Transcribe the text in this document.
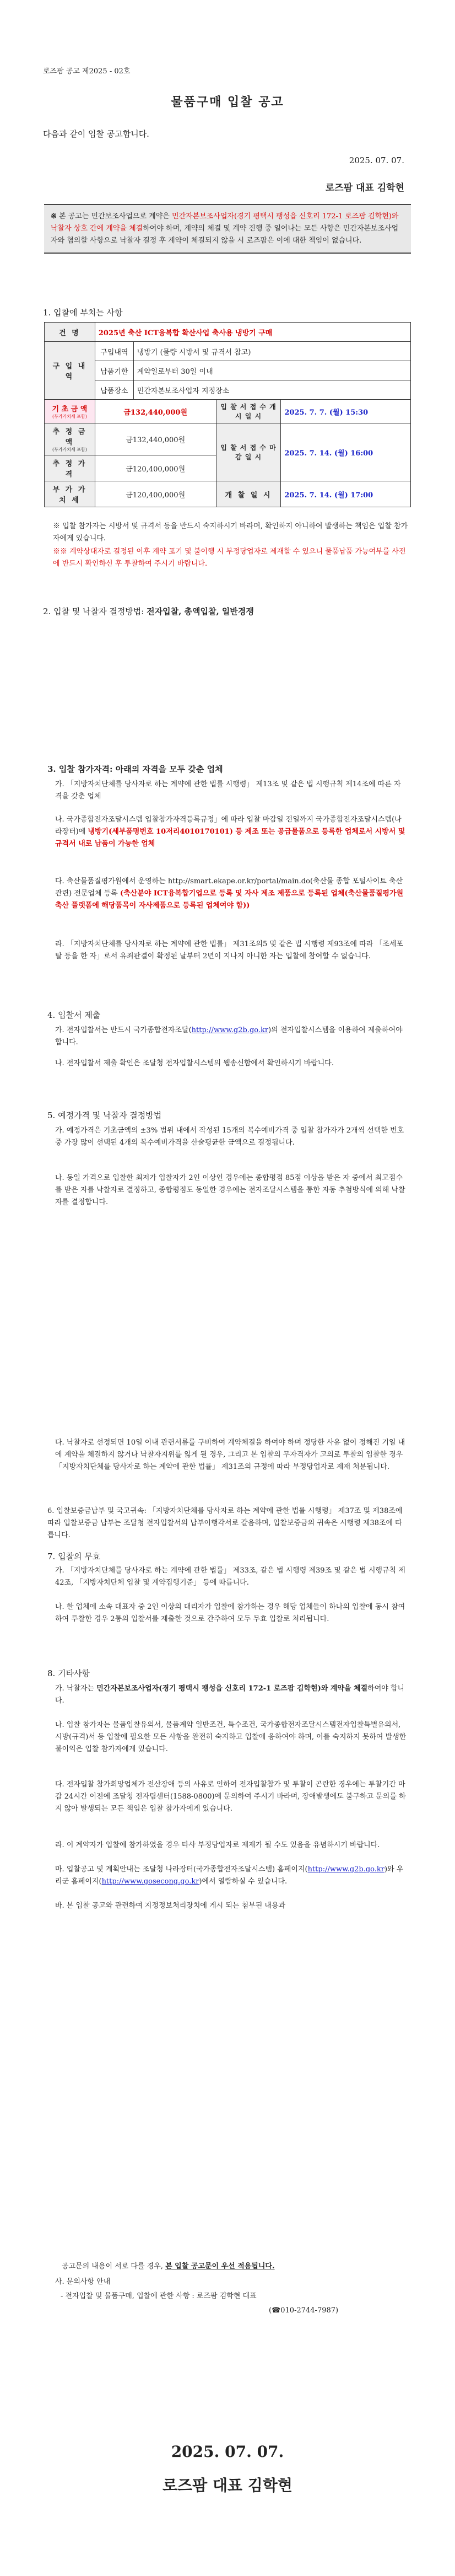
로즈팜 공고 제2025 - 02호
물품구매 입찰 공고
다음과 같이 입찰 공고합니다.
2025. 07. 07.
로즈팜 대표 김학현
※ 본 공고는 민간보조사업으로 계약은 민간자본보조사업자(경기 평택시 팽성읍 신호리 172-1 로즈팜 김학현)와 낙찰자 상호 간에 계약을 체결하여야 하며, 계약의 체결 및 계약 진행 중 일어나는 모든 사항은 민간자본보조사업자와 협의할 사항으로 낙찰자 결정 후 계약이 체결되지 않을 시 로즈팜은 이에 대한 책임이 없습니다.
1. 입찰에 부치는 사항
건 명	2025년 축산 ICT융복합 확산사업 축사용 냉방기 구매			
구 입 내 역	구입내역	냉방기 (물량 시방서 및 규격서 참고)		
	납품기한	계약일로부터 30일 이내		
	납품장소	민간자본보조사업자 지정장소		

기 초 금 액
(부가가치세 포함)	금132,440,000원		입 찰 서 접 수 개 시 일 시	2025. 7. 7. (월) 15:30

추 정 금 액
(부가가치세 포함)	금132,440,000원		입 찰 서 접 수 마 감 일 시	2025. 7. 14. (월) 16:00
추 정 가 격	금120,400,000원			
부 가 가 치 세	금120,400,000원		개 찰 일 시	2025. 7. 14. (월) 17:00
※ 입찰 참가자는 시방서 및 규격서 등을 반드시 숙지하시기 바라며, 확인하지 아니하여 발생하는 책임은 입찰 참가자에게 있습니다.
※※ 계약상대자로 결정된 이후 계약 포기 및 불이행 시 부정당업자로 제재할 수 있으니 물품납품 가능여부를 사전에 반드시 확인하신 후 투찰하여 주시기 바랍니다.
2. 입찰 및 낙찰자 결정방법: 전자입찰, 총액입찰, 일반경쟁
3. 입찰 참가자격: 아래의 자격을 모두 갖춘 업체
가. 「지방자치단체를 당사자로 하는 계약에 관한 법률 시행령」 제13조 및 같은 법 시행규칙 제14조에 따른 자격을 갖춘 업체
나. 국가종합전자조달시스템 입찰참가자격등록규정」에 따라 입찰 마감일 전일까지 국가종합전자조달시스템(나라장터)에 냉방기(세부품명번호 10저리4010170101) 등 제조 또는 공급물품으로 등록한 업체로서 시방서 및 규격서 내로 납품이 가능한 업체
다. 축산물품질평가원에서 운영하는 http://smart.ekape.or.kr/portal/main.do(축산물 종합 포털사이트 축산 관련) 전문업체 등록 (축산분야 ICT융복합기업으로 등록 및 자사 제조 제품으로 등록된 업체(축산물품질평가원 축산 플랫폼에 해당품목이 자사제품으로 등록된 업체여야 함))
라. 「지방자치단체를 당사자로 하는 계약에 관한 법률」 제31조의5 및 같은 법 시행령 제93조에 따라 「조세포탈 등을 한 자」로서 유죄판결이 확정된 날부터 2년이 지나지 아니한 자는 입찰에 참여할 수 없습니다.
4. 입찰서 제출
가. 전자입찰서는 반드시 국가종합전자조달(http://www.g2b.go.kr)의 전자입찰시스템을 이용하여 제출하여야 합니다.
나. 전자입찰서 제출 확인은 조달청 전자입찰시스템의 웹송신함에서 확인하시기 바랍니다.
5. 예정가격 및 낙찰자 결정방법
가. 예정가격은 기초금액의 ±3% 범위 내에서 작성된 15개의 복수예비가격 중 입찰 참가자가 2개씩 선택한 번호 중 가장 많이 선택된 4개의 복수예비가격을 산술평균한 금액으로 결정됩니다.
나. 동일 가격으로 입찰한 최저가 입찰자가 2인 이상인 경우에는 종합평점 85점 이상을 받은 자 중에서 최고점수를 받은 자를 낙찰자로 결정하고, 종합평점도 동일한 경우에는 전자조달시스템을 통한 자동 추첨방식에 의해 낙찰자를 결정합니다.
다. 낙찰자로 선정되면 10일 이내 관련서류를 구비하여 계약체결을 하여야 하며 정당한 사유 없이 정해진 기일 내에 계약을 체결하지 않거나 낙찰자지위를 잃게 될 경우, 그리고 본 입찰의 무자격자가 고의로 투찰의 입찰한 경우 「지방자치단체를 당사자로 하는 계약에 관한 법률」 제31조의 규정에 따라 부정당업자로 제재 처분됩니다.
6. 입찰보증금납부 및 국고귀속: 「지방자치단체를 당사자로 하는 계약에 관한 법률 시행령」 제37조 및 제38조에 따라 입찰보증금 납부는 조달청 전자입찰서의 납부이행각서로 갈음하며, 입찰보증금의 귀속은 시행령 제38조에 따릅니다.
7. 입찰의 무효
가. 「지방자치단체를 당사자로 하는 계약에 관한 법률」 제33조, 같은 법 시행령 제39조 및 같은 법 시행규칙 제42조, 「지방자치단체 입찰 및 계약집행기준」 등에 따릅니다.
나. 한 업체에 소속 대표자 중 2인 이상의 대리자가 입찰에 참가하는 경우 해당 업체들이 하나의 입찰에 동시 참여하여 투찰한 경우 2통의 입찰서를 제출한 것으로 간주하여 모두 무효 입찰로 처리됩니다.
8. 기타사항
가. 낙찰자는 민간자본보조사업자(경기 평택시 팽성읍 신호리 172-1 로즈팜 김학현)와 계약을 체결하여야 합니다.
나. 입찰 참가자는 물품입찰유의서, 물품계약 일반조건, 특수조건, 국가종합전자조달시스템전자입찰특별유의서, 시방(규격)서 등 입찰에 필요한 모든 사항을 완전히 숙지하고 입찰에 응하여야 하며, 이를 숙지하지 못하여 발생한 불이익은 입찰 참가자에게 있습니다.
다. 전자입찰 참가희망업체가 전산장애 등의 사유로 인하여 전자입찰참가 및 투찰이 곤란한 경우에는 투찰기간 마감 24시간 이전에 조달청 전자팀센터(1588-0800)에 문의하여 주시기 바라며, 장애발생에도 불구하고 문의를 하지 않아 발생되는 모든 책임은 입찰 참가자에게 있습니다.
라. 이 계약자가 입찰에 참가하였을 경우 타사 부정당업자로 제재가 될 수도 있음을 유념하시기 바랍니다.
마. 입찰공고 및 계획안내는 조달청 나라장터(국가종합전자조달시스템) 홈페이지(http://www.g2b.go.kr)와 우리군 홈페이지(http://www.gosecong.go.kr)에서 열람하실 수 있습니다.
바. 본 입찰 공고와 관련하여 지정정보처리장치에 게시 되는 첨부된 내용과
공고문의 내용이 서로 다를 경우, 본 입찰 공고문이 우선 적용됩니다.
사. 문의사항 안내
- 전자입찰 및 물품구매, 입찰에 관한 사항 : 로즈팜 김학현 대표
(☎010-2744-7987)
2025. 07. 07.
로즈팜 대표 김학현
